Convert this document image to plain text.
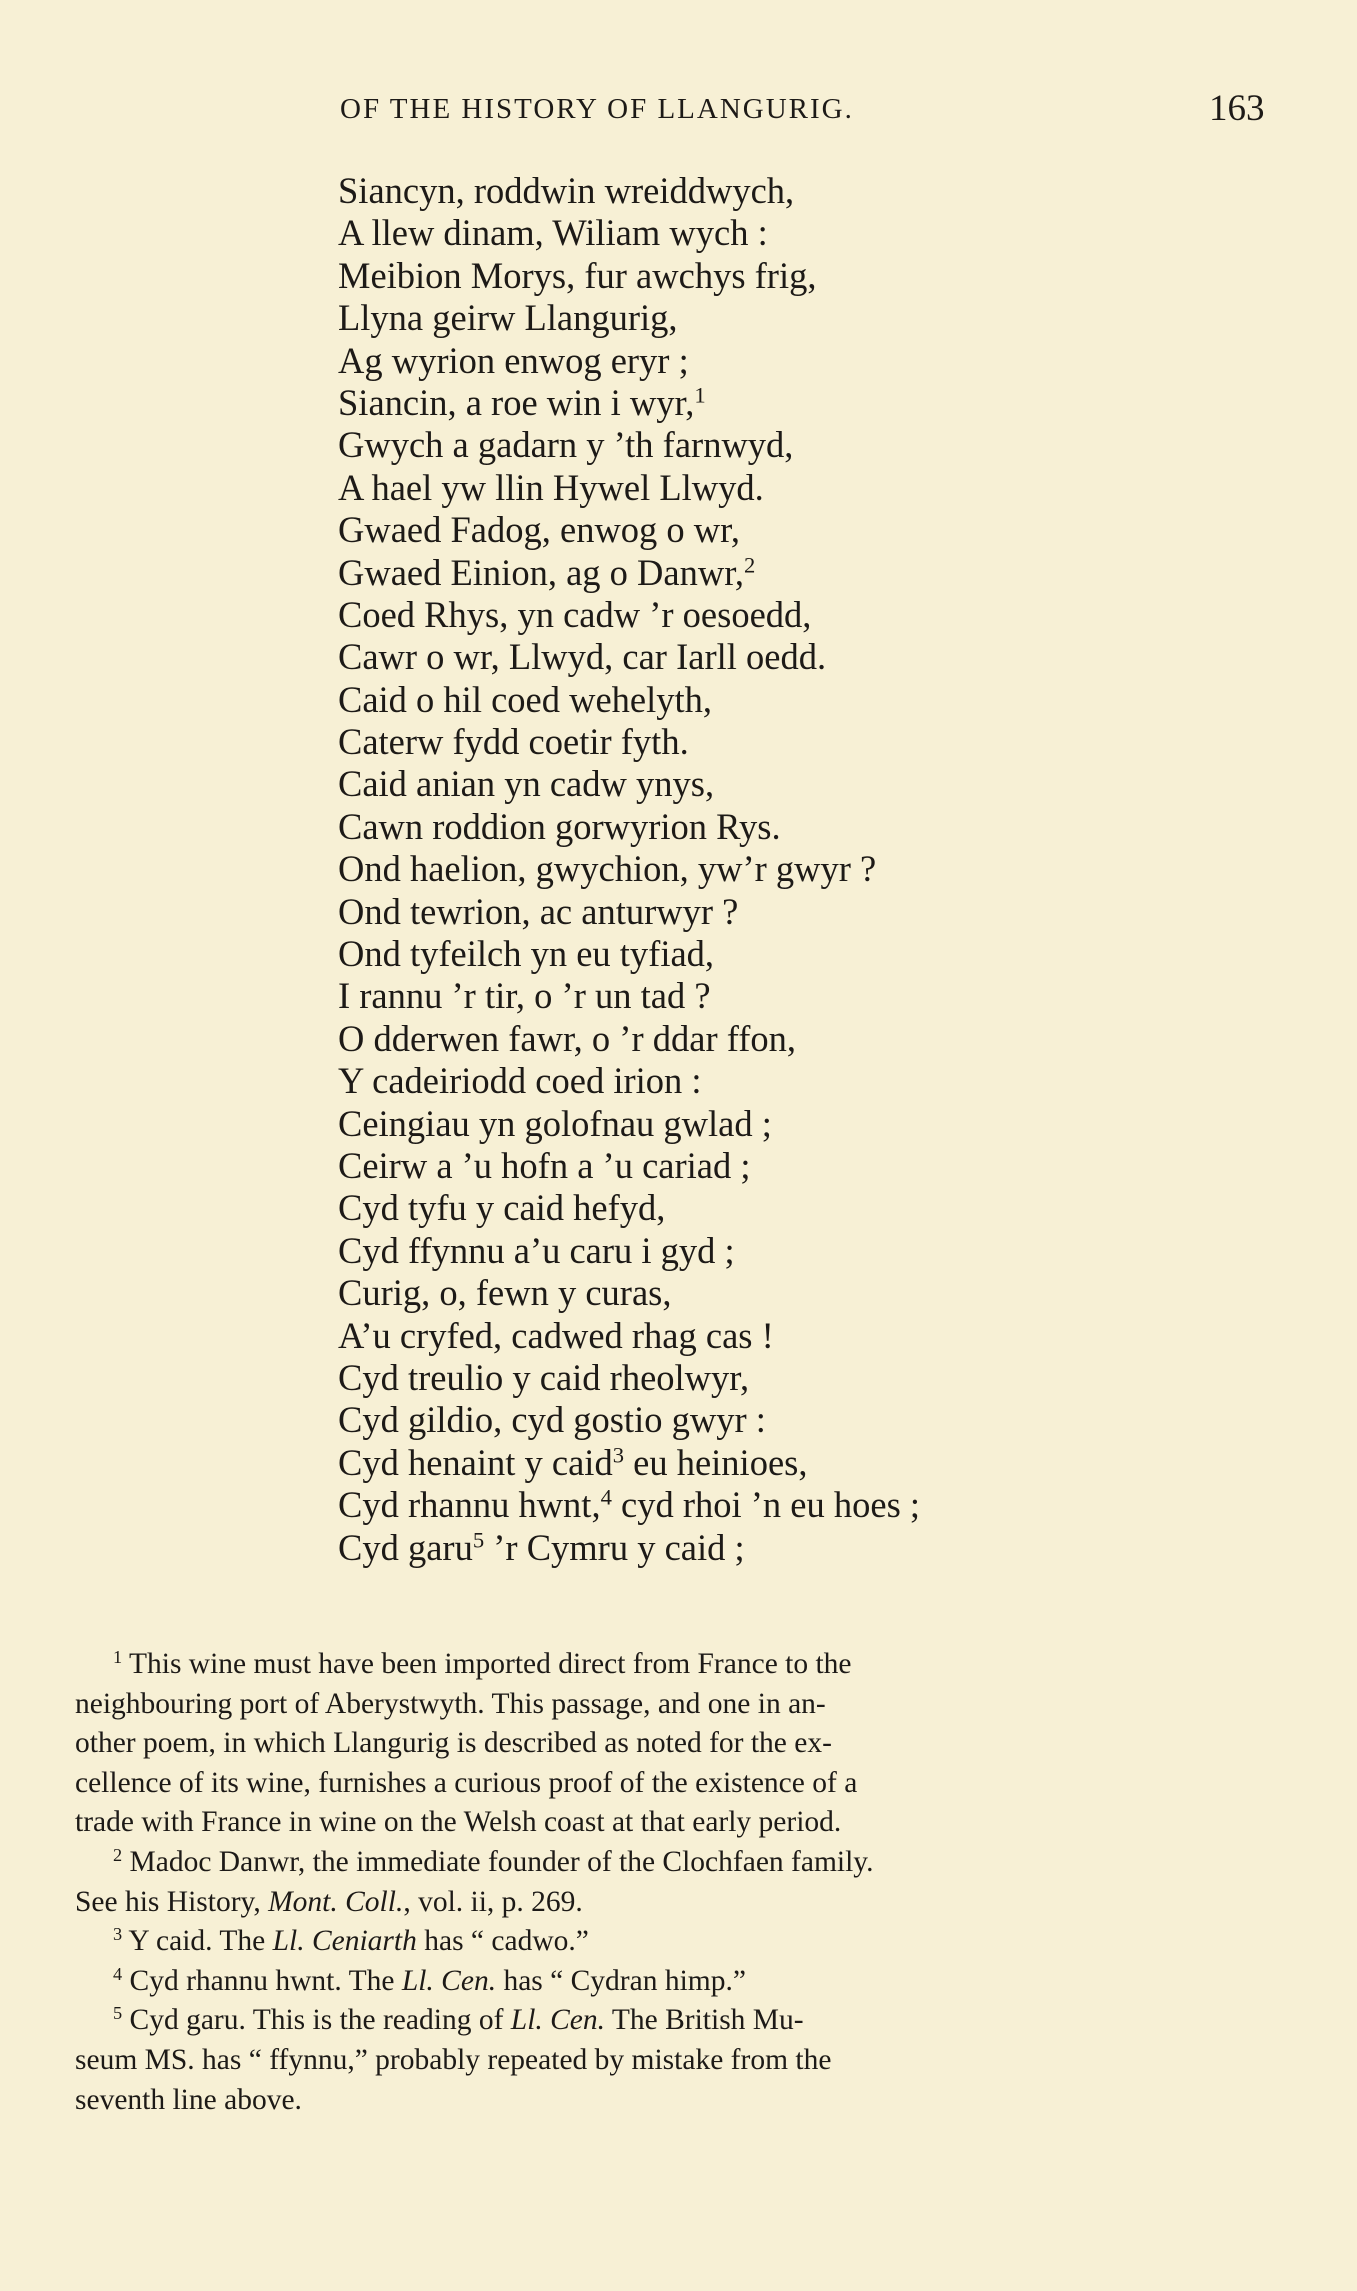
OF THE HISTORY OF LLANGURIG.	163
Siancyn, roddwin wreiddwych,
A llew dinam, Wiliam wych :
Meibion Morys, fur awchys frig,
Llyna geirw Llangurig,
Ag wyrion enwog eryr ;
Siancin, a roe win i wyr,$^1$
Gwych a gadarn y ’th farnwyd,
A hael yw llin Hywel Llwyd.
Gwaed Fadog, enwog o wr,
Gwaed Einion, ag o Danwr,$^2$
Coed Rhys, yn cadw ’r oesoedd,
Cawr o wr, Llwyd, car Iarll oedd.
Caid o hil coed wehelyth,
Caterw fydd coetir fyth.
Caid anian yn cadw ynys,
Cawn roddion gorwyrion Rys.
Ond haelion, gwychion, yw’r gwyr ?
Ond tewrion, ac anturwyr ?
Ond tyfeilch yn eu tyfiad,
I rannu ’r tir, o ’r un tad ?
O dderwen fawr, o ’r ddar ffon,
Y cadeiriodd coed irion :
Ceingiau yn golofnau gwlad ;
Ceirw a ’u hofn a ’u cariad ;
Cyd tyfu y caid hefyd,
Cyd ffynnu a’u caru i gyd ;
Curig, o, fewn y curas,
A’u cryfed, cadwed rhag cas !
Cyd treulio y caid rheolwyr,
Cyd gildio, cyd gostio gwyr :
Cyd henaint y caid$^3$ eu heinioes,
Cyd rhannu hwnt,$^4$ cyd rhoi ’n eu hoes ;
Cyd garu$^5$ ’r Cymru y caid ;
$^1$ This wine must have been imported direct from France to the
neighbouring port of Aberystwyth. This passage, and one in an-
other poem, in which Llangurig is described as noted for the ex-
cellence of its wine, furnishes a curious proof of the existence of a
trade with France in wine on the Welsh coast at that early period.
$^2$ Madoc Danwr, the immediate founder of the Clochfaen family.
See his History, Mont. Coll., vol. ii, p. 269.
$^3$ Y caid. The Ll. Ceniarth has “ cadwo.”
$^4$ Cyd rhannu hwnt. The Ll. Cen. has “ Cydran himp.”
$^5$ Cyd garu. This is the reading of Ll. Cen. The British Mu-
seum MS. has “ ffynnu,” probably repeated by mistake from the
seventh line above.
